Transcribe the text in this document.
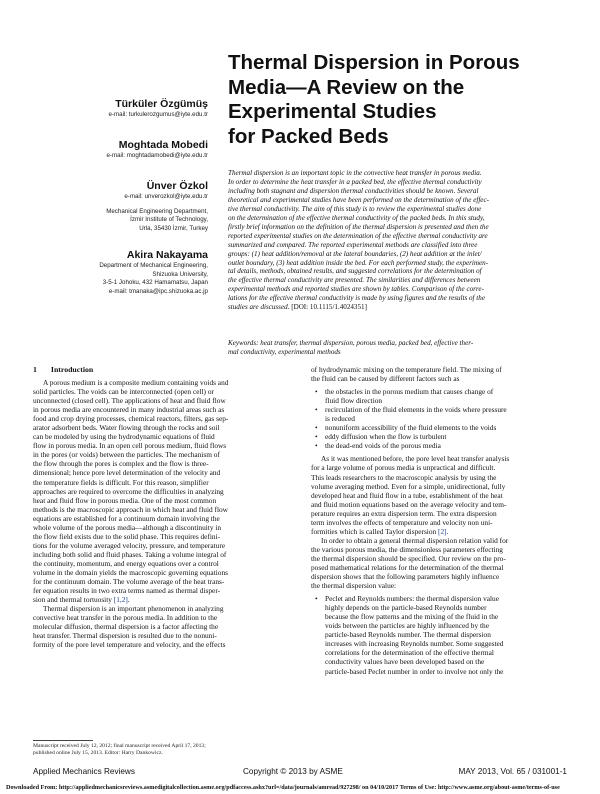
Thermal Dispersion in Porous
Media—A Review on the
Experimental Studies
for Packed Beds
Türküler Özgümüş
e-mail: turkulerozgumus@iyte.edu.tr
Moghtada Mobedi
e-mail: moghtadamobedi@iyte.edu.tr
Ünver Özkol
e-mail: unverozkol@iyte.edu.tr
Mechanical Engineering Department,
İzmir Institute of Technology,
Urla, 35430 İzmir, Turkey
Akira Nakayama
Department of Mechanical Engineering,
Shizuoka University,
3-5-1 Johoku, 432 Hamamatsu, Japan
e-mail: tmanaka@ipc.shizuoka.ac.jp
Thermal dispersion is an important topic in the convective heat transfer in porous media.
In order to determine the heat transfer in a packed bed, the effective thermal conductivity
including both stagnant and dispersion thermal conductivities should be known. Several
theoretical and experimental studies have been performed on the determination of the effec-
tive thermal conductivity. The aim of this study is to review the experimental studies done
on the determination of the effective thermal conductivity of the packed beds. In this study,
firstly brief information on the definition of the thermal dispersion is presented and then the
reported experimental studies on the determination of the effective thermal conductivity are
summarized and compared. The reported experimental methods are classified into three
groups: (1) heat addition/removal at the lateral boundaries, (2) heat addition at the inlet/
outlet boundary, (3) heat addition inside the bed. For each performed study, the experimen-
tal details, methods, obtained results, and suggested correlations for the determination of
the effective thermal conductivity are presented. The similarities and differences between
experimental methods and reported studies are shown by tables. Comparison of the corre-
lations for the effective thermal conductivity is made by using figures and the results of the
studies are discussed. [DOI: 10.1115/1.4024351]
Keywords: heat transfer, thermal dispersion, porous media, packed bed, effective ther-
mal conductivity, experimental methods
1 Introduction
A porous medium is a composite medium containing voids and
solid particles. The voids can be interconnected (open cell) or
unconnected (closed cell). The applications of heat and fluid flow
in porous media are encountered in many industrial areas such as
food and crop drying processes, chemical reactors, filters, gas sep-
arator adsorbent beds. Water flowing through the rocks and soil
can be modeled by using the hydrodynamic equations of fluid
flow in porous media. In an open cell porous medium, fluid flows
in the pores (or voids) between the particles. The mechanism of
the flow through the pores is complex and the flow is three-
dimensional; hence pore level determination of the velocity and
the temperature fields is difficult. For this reason, simplifier
approaches are required to overcome the difficulties in analyzing
heat and fluid flow in porous media. One of the most common
methods is the macroscopic approach in which heat and fluid flow
equations are established for a continuum domain involving the
whole volume of the porous media—although a discontinuity in
the flow field exists due to the solid phase. This requires defini-
tions for the volume averaged velocity, pressure, and temperature
including both solid and fluid phases. Taking a volume integral of
the continuity, momentum, and energy equations over a control
volume in the domain yields the macroscopic governing equations
for the continuum domain. The volume average of the heat trans-
fer equation results in two extra terms named as thermal disper-
sion and thermal tortuosity [1,2].
Thermal dispersion is an important phenomenon in analyzing
convective heat transfer in the porous media. In addition to the
molecular diffusion, thermal dispersion is a factor affecting the
heat transfer. Thermal dispersion is resulted due to the nonuni-
formity of the pore level temperature and velocity, and the effects
of hydrodynamic mixing on the temperature field. The mixing of
the fluid can be caused by different factors such as
• the obstacles in the porous medium that causes change of
fluid flow direction
• recirculation of the fluid elements in the voids where pressure
is reduced
• nonuniform accessibility of the fluid elements to the voids
• eddy diffusion when the flow is turbulent
• the dead-end voids of the porous media
As it was mentioned before, the pore level heat transfer analysis
for a large volume of porous media is unpractical and difficult.
This leads researchers to the macroscopic analysis by using the
volume averaging method. Even for a simple, unidirectional, fully
developed heat and fluid flow in a tube, establishment of the heat
and fluid motion equations based on the average velocity and tem-
perature requires an extra dispersion term. The extra dispersion
term involves the effects of temperature and velocity non uni-
formities which is called Taylor dispersion [2].
In order to obtain a general thermal dispersion relation valid for
the various porous media, the dimensionless parameters effecting
the thermal dispersion should be specified. Our review on the pro-
posed mathematical relations for the determination of the thermal
dispersion shows that the following parameters highly influence
the thermal dispersion value:
• Peclet and Reynolds numbers: the thermal dispersion value
highly depends on the particle-based Reynolds number
because the flow patterns and the mixing of the fluid in the
voids between the particles are highly influenced by the
particle-based Reynolds number. The thermal dispersion
increases with increasing Reynolds number. Some suggested
correlations for the determination of the effective thermal
conductivity values have been developed based on the
particle-based Peclet number in order to involve not only the
Manuscript received July 12, 2012; final manuscript received April 17, 2013;
published online July 15, 2013. Editor: Harry Dankowicz.
Applied Mechanics Reviews	Copyright © 2013 by ASME	MAY 2013, Vol. 65 / 031001-1
Downloaded From: http://appliedmechanicsreviews.asmedigitalcollection.asme.org/pdfaccess.ashx?url=/data/journals/amread/927298/ on 04/10/2017 Terms of Use: http://www.asme.org/about-asme/terms-of-use
